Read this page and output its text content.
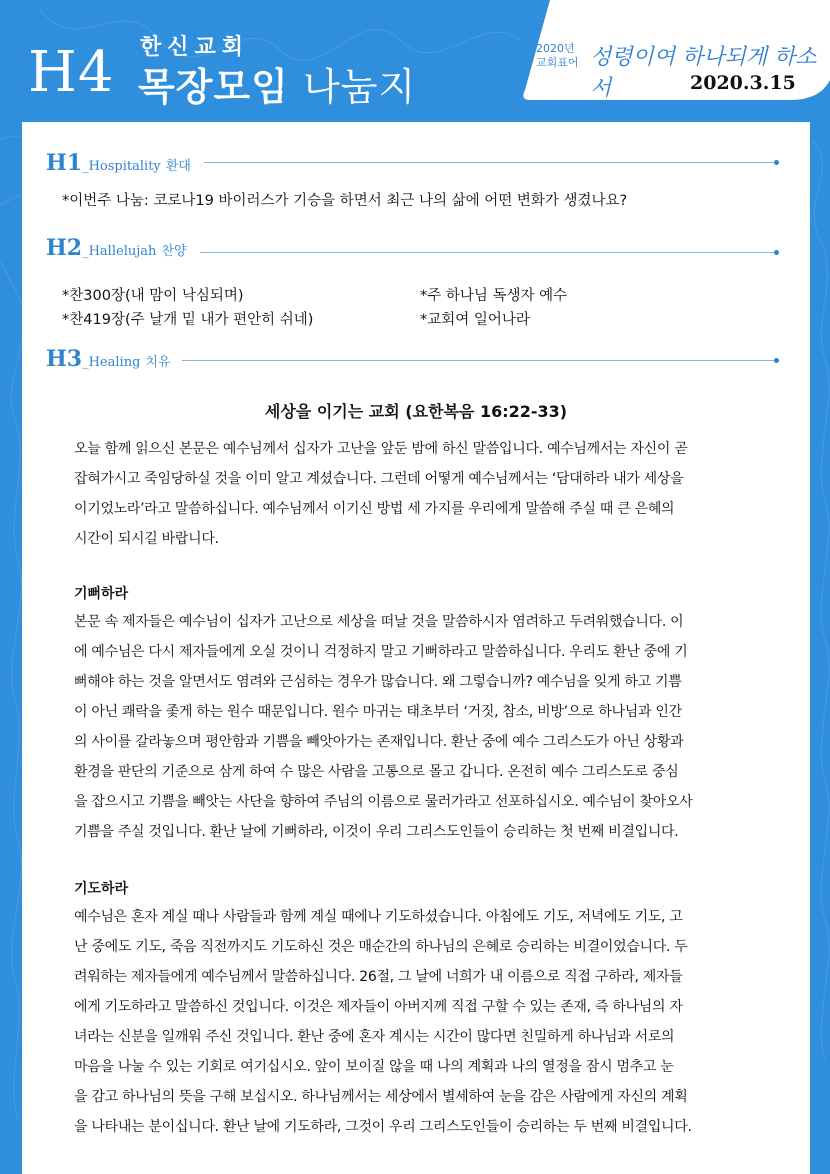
H4 한신교회
목장모임 나눔지
2020년
교회표어 성령이여 하나되게 하소서	2020.3.15
H1_Hospitality 환대
*이번주 나눔: 코로나19 바이러스가 기승을 하면서 최근 나의 삶에 어떤 변화가 생겼나요?
H2_Hallelujah 찬양
*찬300장(내 맘이 낙심되며)
*찬419장(주 날개 밑 내가 편안히 쉬네)
*주 하나님 독생자 예수
*교회여 일어나라
H3_Healing 치유
세상을 이기는 교회 (요한복음 16:22-33)
오늘 함께 읽으신 본문은 예수님께서 십자가 고난을 앞둔 밤에 하신 말씀입니다. 예수님께서는 자신이 곧
잡혀가시고 죽임당하실 것을 이미 알고 계셨습니다. 그런데 어떻게 예수님께서는 ‘담대하라 내가 세상을
이기었노라’라고 말씀하십니다. 예수님께서 이기신 방법 세 가지를 우리에게 말씀해 주실 때 큰 은혜의
시간이 되시길 바랍니다.
기뻐하라
본문 속 제자들은 예수님이 십자가 고난으로 세상을 떠날 것을 말씀하시자 염려하고 두려워했습니다. 이
에 예수님은 다시 제자들에게 오실 것이니 걱정하지 말고 기뻐하라고 말씀하십니다. 우리도 환난 중에 기
뻐해야 하는 것을 알면서도 염려와 근심하는 경우가 많습니다. 왜 그렇습니까? 예수님을 잊게 하고 기쁨
이 아닌 쾌락을 좇게 하는 원수 때문입니다. 원수 마귀는 태초부터 ‘거짓, 참소, 비방’으로 하나님과 인간
의 사이를 갈라놓으며 평안함과 기쁨을 빼앗아가는 존재입니다. 환난 중에 예수 그리스도가 아닌 상황과
환경을 판단의 기준으로 삼게 하여 수 많은 사람을 고통으로 몰고 갑니다. 온전히 예수 그리스도로 중심
을 잡으시고 기쁨을 빼앗는 사단을 향하여 주님의 이름으로 물러가라고 선포하십시오. 예수님이 찾아오사
기쁨을 주실 것입니다. 환난 날에 기뻐하라, 이것이 우리 그리스도인들이 승리하는 첫 번째 비결입니다.
기도하라
예수님은 혼자 계실 때나 사람들과 함께 계실 때에나 기도하셨습니다. 아침에도 기도, 저녁에도 기도, 고
난 중에도 기도, 죽음 직전까지도 기도하신 것은 매순간의 하나님의 은혜로 승리하는 비결이었습니다. 두
려워하는 제자들에게 예수님께서 말씀하십니다. 26절, 그 날에 너희가 내 이름으로 직접 구하라, 제자들
에게 기도하라고 말씀하신 것입니다. 이것은 제자들이 아버지께 직접 구할 수 있는 존재, 즉 하나님의 자
녀라는 신분을 일깨워 주신 것입니다. 환난 중에 혼자 계시는 시간이 많다면 친밀하게 하나님과 서로의
마음을 나눌 수 있는 기회로 여기십시오. 앞이 보이질 않을 때 나의 계획과 나의 열정을 잠시 멈추고 눈
을 감고 하나님의 뜻을 구해 보십시오. 하나님께서는 세상에서 별세하여 눈을 감은 사람에게 자신의 계획
을 나타내는 분이십니다. 환난 날에 기도하라, 그것이 우리 그리스도인들이 승리하는 두 번째 비결입니다.
